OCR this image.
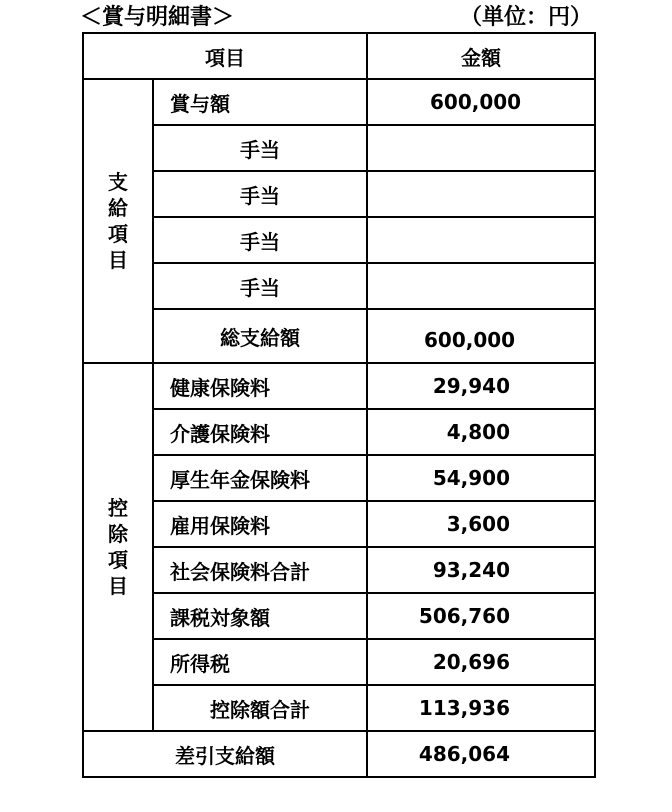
＜賞与明細書＞	（単位：円）
項目		金額
支給項目	賞与額	600,000
	手当	
	手当	
	手当	
	手当	
	総支給額	600,000
控除項目	健康保険料	29,940
	介護保険料	4,800
	厚生年金保険料	54,900
	雇用保険料	3,600
	社会保険料合計	93,240
	課税対象額	506,760
	所得税	20,696
	控除額合計	113,936
差引支給額		486,064
